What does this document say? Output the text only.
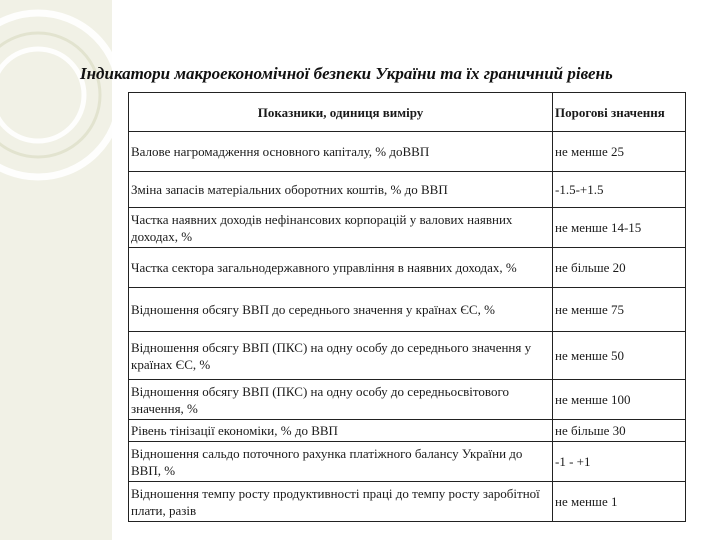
Індикатори макроекономічної безпеки України та їх граничний рівень
Показники, одиниця виміру	Порогові значення
Валове нагромадження основного капіталу, % доВВП	не менше 25
Зміна запасів матеріальних оборотних коштів, % до ВВП	-1.5-+1.5
Частка наявних доходів нефінансових корпорацій у валових наявних доходах, %	не менше 14-15
Частка сектора загальнодержавного управління в наявних доходах, %	не більше 20
Відношення обсягу ВВП до середнього значення у країнах ЄС, %	не менше 75
Відношення обсягу ВВП (ПКС) на одну особу до середнього значення у країнах ЄС, %	не менше 50
Відношення обсягу ВВП (ПКС) на одну особу до середньосвітового значення, %	не менше 100
Рівень тінізації економіки, % до ВВП	не більше 30
Відношення сальдо поточного рахунка платіжного балансу України до ВВП, %	-1 - +1
Відношення темпу росту продуктивності праці до темпу росту заробітної плати, разів	не менше 1
